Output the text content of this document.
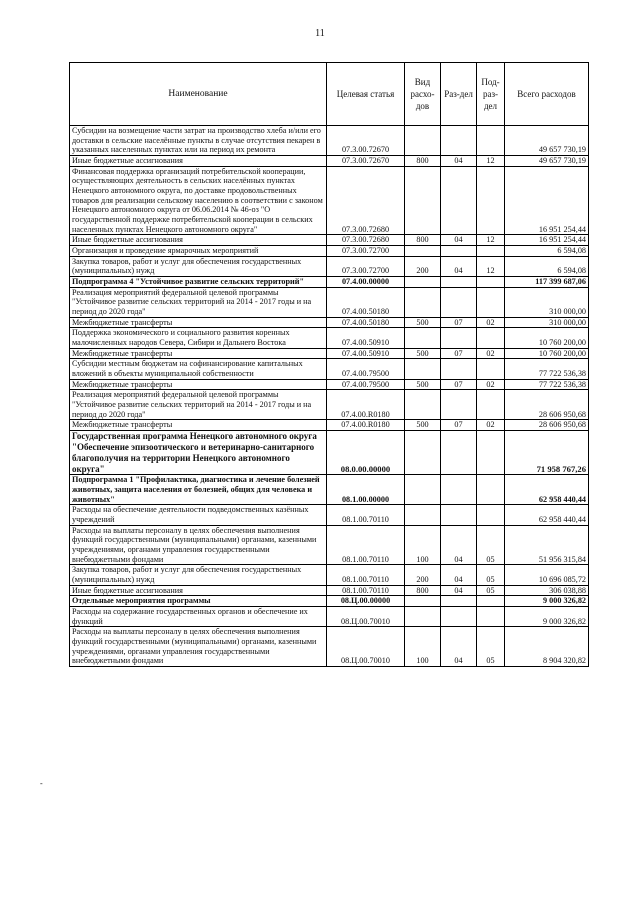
11
-
Наименование	Целевая статья	Вид расхо-дов	Раз-дел	Под-раз-дел	Всего расходов
Субсидии на возмещение части затрат на производство хлеба и/или его доставки в сельские населённые пункты в случае отсутствия пекарен в указанных населенных пунктах или на период их ремонта	07.3.00.72670				49 657 730,19
Иные бюджетные ассигнования	07.3.00.72670	800	04	12	49 657 730,19
Финансовая поддержка организаций потребительской кооперации, осуществляющих деятельность в сельских населённых пунктах Ненецкого автономного округа, по доставке продовольственных товаров для реализации сельскому населению в соответствии с законом Ненецкого автономного округа от 06.06.2014 № 46-оз "О государственной поддержке потребительской кооперации в сельских населенных пунктах Ненецкого автономного округа"	07.3.00.72680				16 951 254,44
Иные бюджетные ассигнования	07.3.00.72680	800	04	12	16 951 254,44
Организация и проведение ярмарочных мероприятий	07.3.00.72700				6 594,08
Закупка товаров, работ и услуг для обеспечения государственных (муниципальных) нужд	07.3.00.72700	200	04	12	6 594,08
Подпрограмма 4 "Устойчивое развитие сельских территорий"	07.4.00.00000				117 399 687,06
Реализация мероприятий федеральной целевой программы "Устойчивое развитие сельских территорий на 2014 - 2017 годы и на период до 2020 года"	07.4.00.50180				310 000,00
Межбюджетные трансферты	07.4.00.50180	500	07	02	310 000,00
Поддержка экономического и социального развития коренных малочисленных народов Севера, Сибири и Дальнего Востока	07.4.00.50910				10 760 200,00
Межбюджетные трансферты	07.4.00.50910	500	07	02	10 760 200,00
Субсидии местным бюджетам на софинансирование капитальных вложений в объекты муниципальной собственности	07.4.00.79500				77 722 536,38
Межбюджетные трансферты	07.4.00.79500	500	07	02	77 722 536,38
Реализация мероприятий федеральной целевой программы "Устойчивое развитие сельских территорий на 2014 - 2017 годы и на период до 2020 года"	07.4.00.R0180				28 606 950,68
Межбюджетные трансферты	07.4.00.R0180	500	07	02	28 606 950,68
Государственная программа Ненецкого автономного округа "Обеспечение эпизоотического и ветеринарно-санитарного благополучия на территории Ненецкого автономного округа"	08.0.00.00000				71 958 767,26
Подпрограмма 1 "Профилактика, диагностика и лечение болезней животных, защита населения от болезней, общих для человека и животных"	08.1.00.00000				62 958 440,44
Расходы на обеспечение деятельности подведомственных казённых учреждений	08.1.00.70110				62 958 440,44
Расходы на выплаты персоналу в целях обеспечения выполнения функций государственными (муниципальными) органами, казенными учреждениями, органами управления государственными внебюджетными фондами	08.1.00.70110	100	04	05	51 956 315,84
Закупка товаров, работ и услуг для обеспечения государственных (муниципальных) нужд	08.1.00.70110	200	04	05	10 696 085,72
Иные бюджетные ассигнования	08.1.00.70110	800	04	05	306 038,88
Отдельные мероприятия программы	08.Ц.00.00000				9 000 326,82
Расходы на содержание государственных органов и обеспечение их функций	08.Ц.00.70010				9 000 326,82
Расходы на выплаты персоналу в целях обеспечения выполнения функций государственными (муниципальными) органами, казенными учреждениями, органами управления государственными внебюджетными фондами	08.Ц.00.70010	100	04	05	8 904 320,82
